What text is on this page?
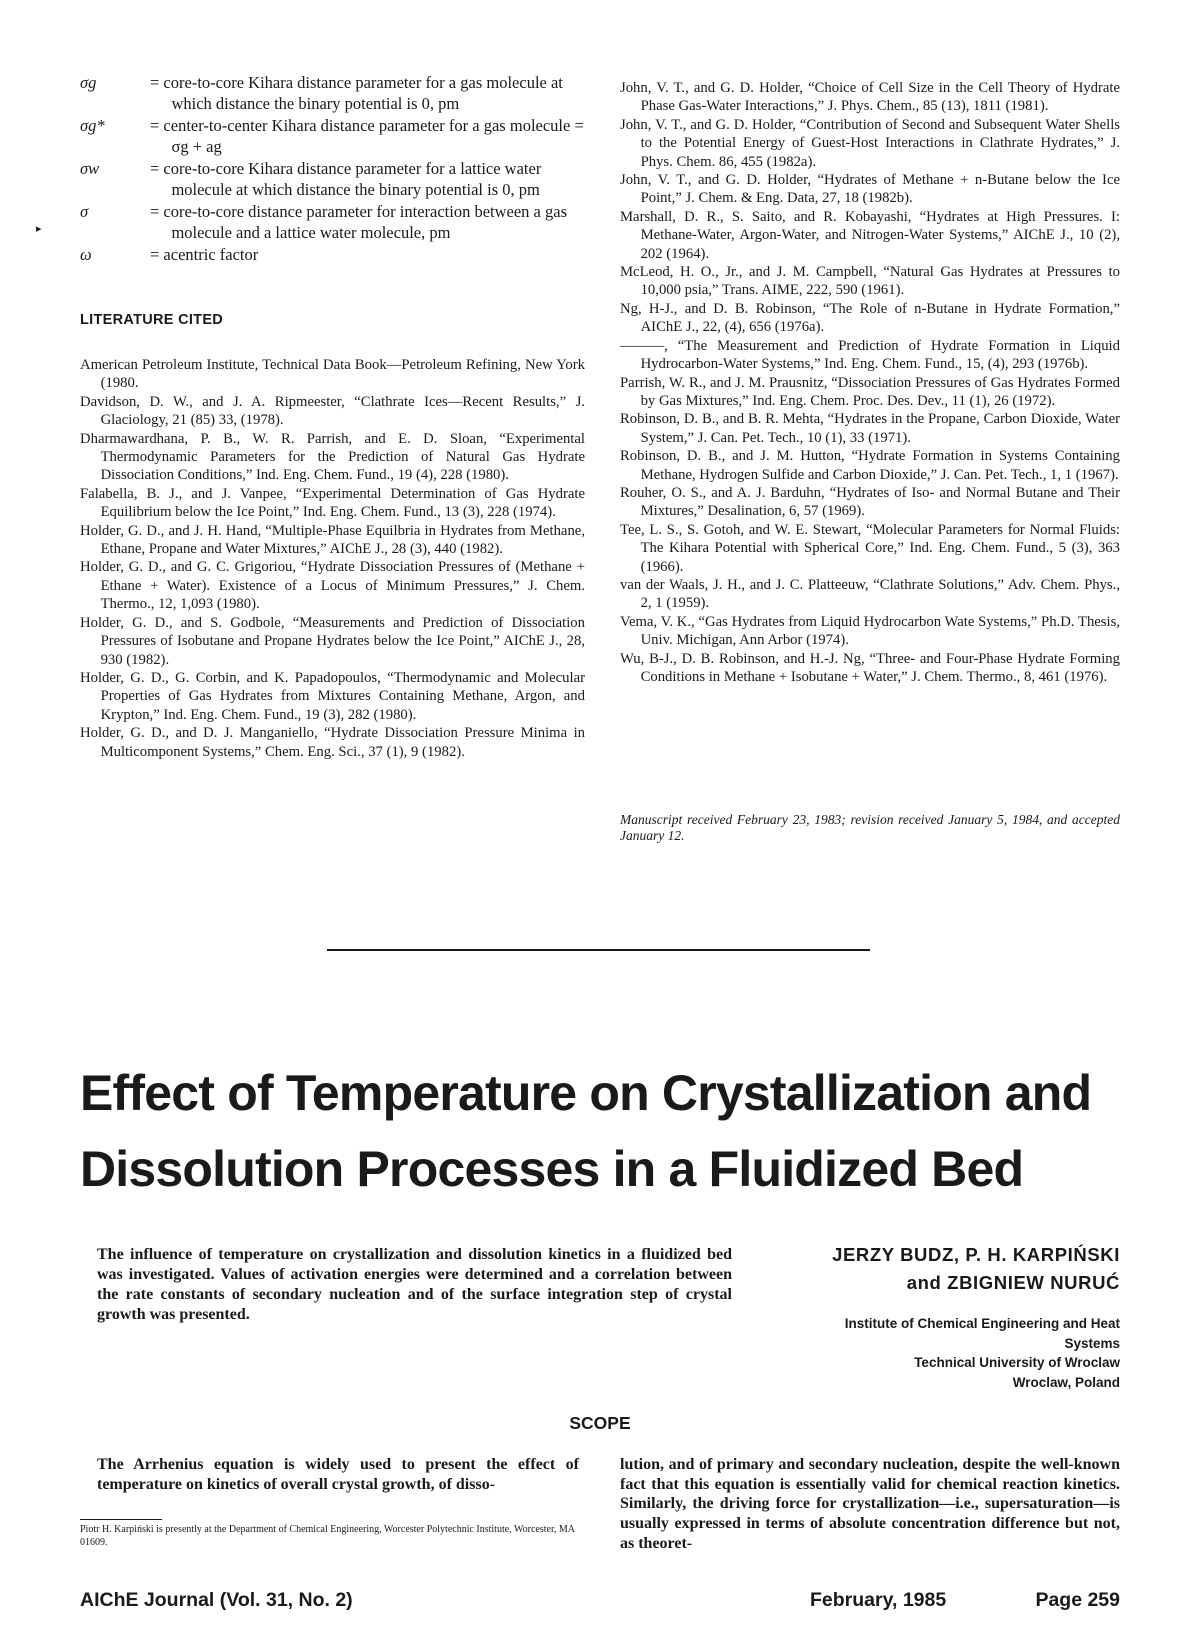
▸
σg	= core-to-core Kihara distance parameter for a gas molecule at which distance the binary potential is 0, pm
σg*	= center-to-center Kihara distance parameter for a gas molecule = σg + ag
σw	= core-to-core Kihara distance parameter for a lattice water molecule at which distance the binary potential is 0, pm
σ	= core-to-core distance parameter for interaction between a gas molecule and a lattice water molecule, pm
ω	= acentric factor
LITERATURE CITED

American Petroleum Institute, Technical Data Book—Petroleum Refining, New York (1980.

Davidson, D. W., and J. A. Ripmeester, “Clathrate Ices—Recent Results,” J. Glaciology, 21 (85) 33, (1978).

Dharmawardhana, P. B., W. R. Parrish, and E. D. Sloan, “Experimental Thermodynamic Parameters for the Prediction of Natural Gas Hydrate Dissociation Conditions,” Ind. Eng. Chem. Fund., 19 (4), 228 (1980).

Falabella, B. J., and J. Vanpee, “Experimental Determination of Gas Hydrate Equilibrium below the Ice Point,” Ind. Eng. Chem. Fund., 13 (3), 228 (1974).

Holder, G. D., and J. H. Hand, “Multiple-Phase Equilbria in Hydrates from Methane, Ethane, Propane and Water Mixtures,” AIChE J., 28 (3), 440 (1982).

Holder, G. D., and G. C. Grigoriou, “Hydrate Dissociation Pressures of (Methane + Ethane + Water). Existence of a Locus of Minimum Pressures,” J. Chem. Thermo., 12, 1,093 (1980).

Holder, G. D., and S. Godbole, “Measurements and Prediction of Dissociation Pressures of Isobutane and Propane Hydrates below the Ice Point,” AIChE J., 28, 930 (1982).

Holder, G. D., G. Corbin, and K. Papadopoulos, “Thermodynamic and Molecular Properties of Gas Hydrates from Mixtures Containing Methane, Argon, and Krypton,” Ind. Eng. Chem. Fund., 19 (3), 282 (1980).

Holder, G. D., and D. J. Manganiello, “Hydrate Dissociation Pressure Minima in Multicomponent Systems,” Chem. Eng. Sci., 37 (1), 9 (1982).

John, V. T., and G. D. Holder, “Choice of Cell Size in the Cell Theory of Hydrate Phase Gas-Water Interactions,” J. Phys. Chem., 85 (13), 1811 (1981).

John, V. T., and G. D. Holder, “Contribution of Second and Subsequent Water Shells to the Potential Energy of Guest-Host Interactions in Clathrate Hydrates,” J. Phys. Chem. 86, 455 (1982a).

John, V. T., and G. D. Holder, “Hydrates of Methane + n-Butane below the Ice Point,” J. Chem. & Eng. Data, 27, 18 (1982b).

Marshall, D. R., S. Saito, and R. Kobayashi, “Hydrates at High Pressures. I: Methane-Water, Argon-Water, and Nitrogen-Water Systems,” AIChE J., 10 (2), 202 (1964).

McLeod, H. O., Jr., and J. M. Campbell, “Natural Gas Hydrates at Pressures to 10,000 psia,” Trans. AIME, 222, 590 (1961).

Ng, H-J., and D. B. Robinson, “The Role of n-Butane in Hydrate Formation,” AIChE J., 22, (4), 656 (1976a).

———, “The Measurement and Prediction of Hydrate Formation in Liquid Hydrocarbon-Water Systems,” Ind. Eng. Chem. Fund., 15, (4), 293 (1976b).

Parrish, W. R., and J. M. Prausnitz, “Dissociation Pressures of Gas Hydrates Formed by Gas Mixtures,” Ind. Eng. Chem. Proc. Des. Dev., 11 (1), 26 (1972).

Robinson, D. B., and B. R. Mehta, “Hydrates in the Propane, Carbon Dioxide, Water System,” J. Can. Pet. Tech., 10 (1), 33 (1971).

Robinson, D. B., and J. M. Hutton, “Hydrate Formation in Systems Containing Methane, Hydrogen Sulfide and Carbon Dioxide,” J. Can. Pet. Tech., 1, 1 (1967).

Rouher, O. S., and A. J. Barduhn, “Hydrates of Iso- and Normal Butane and Their Mixtures,” Desalination, 6, 57 (1969).

Tee, L. S., S. Gotoh, and W. E. Stewart, “Molecular Parameters for Normal Fluids: The Kihara Potential with Spherical Core,” Ind. Eng. Chem. Fund., 5 (3), 363 (1966).

van der Waals, J. H., and J. C. Platteeuw, “Clathrate Solutions,” Adv. Chem. Phys., 2, 1 (1959).

Vema, V. K., “Gas Hydrates from Liquid Hydrocarbon Wate Systems,” Ph.D. Thesis, Univ. Michigan, Ann Arbor (1974).

Wu, B-J., D. B. Robinson, and H.-J. Ng, “Three- and Four-Phase Hydrate Forming Conditions in Methane + Isobutane + Water,” J. Chem. Thermo., 8, 461 (1976).

Manuscript received February 23, 1983; revision received January 5, 1984, and accepted January 12.
Effect of Temperature on Crystallization and
Dissolution Processes in a Fluidized Bed
The influence of temperature on crystallization and dissolution kinetics in a fluidized bed was investigated. Values of activation energies were determined and a correlation between the rate constants of secondary nucleation and of the surface integration step of crystal growth was presented.
JERZY BUDZ, P. H. KARPIŃSKI
and ZBIGNIEW NURUĆ
Institute of Chemical Engineering and Heat
Systems
Technical University of Wroclaw
Wroclaw, Poland
SCOPE
The Arrhenius equation is widely used to present the effect of temperature on kinetics of overall crystal growth, of disso-
lution, and of primary and secondary nucleation, despite the well-known fact that this equation is essentially valid for chemical reaction kinetics. Similarly, the driving force for crystallization—i.e., supersaturation—is usually expressed in terms of absolute concentration difference but not, as theoret-
Piotr H. Karpiński is presently at the Department of Chemical Engineering, Worcester Polytechnic Institute, Worcester, MA 01609.
AIChE Journal (Vol. 31, No. 2)	February, 1985	Page 259
